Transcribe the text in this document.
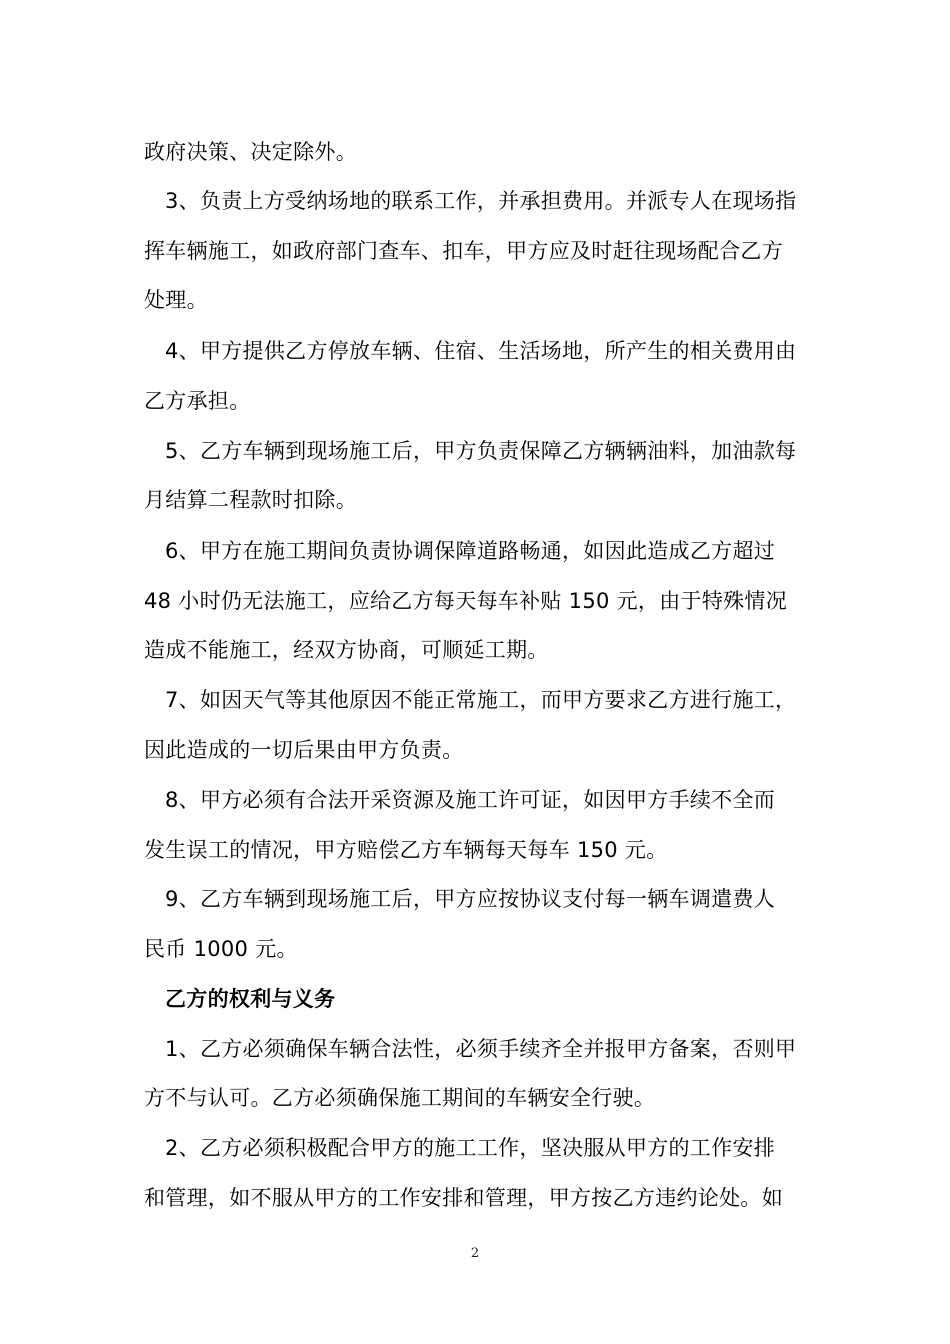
政府决策、决定除外。
3、负责上方受纳场地的联系工作，并承担费用。并派专人在现场指
挥车辆施工，如政府部门查车、扣车，甲方应及时赶往现场配合乙方
处理。
4、甲方提供乙方停放车辆、住宿、生活场地，所产生的相关费用由
乙方承担。
5、乙方车辆到现场施工后，甲方负责保障乙方辆辆油料，加油款每
月结算二程款时扣除。
6、甲方在施工期间负责协调保障道路畅通，如因此造成乙方超过
48 小时仍无法施工，应给乙方每天每车补贴 150 元，由于特殊情况
造成不能施工，经双方协商，可顺延工期。
7、如因天气等其他原因不能正常施工，而甲方要求乙方进行施工，
因此造成的一切后果由甲方负责。
8、甲方必须有合法开采资源及施工许可证，如因甲方手续不全而
发生误工的情况，甲方赔偿乙方车辆每天每车 150 元。
9、乙方车辆到现场施工后，甲方应按协议支付每一辆车调遣费人
民币 1000 元。
乙方的权利与义务
1、乙方必须确保车辆合法性，必须手续齐全并报甲方备案，否则甲
方不与认可。乙方必须确保施工期间的车辆安全行驶。
2、乙方必须积极配合甲方的施工工作，坚决服从甲方的工作安排
和管理，如不服从甲方的工作安排和管理，甲方按乙方违约论处。如
2
